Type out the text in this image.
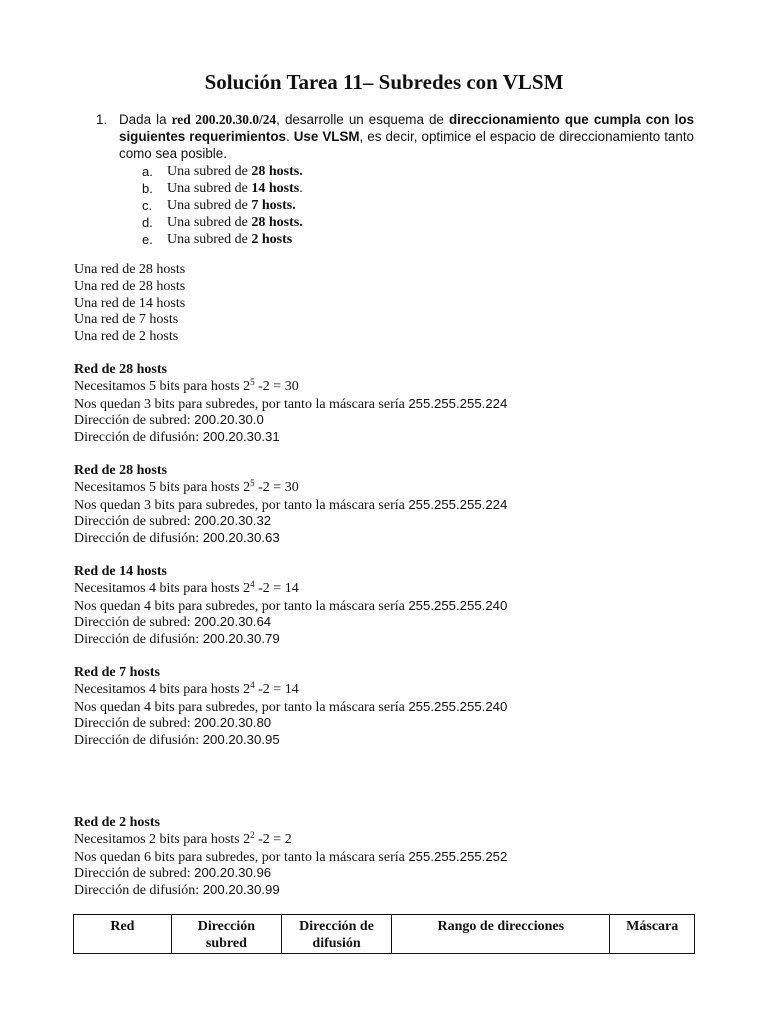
Solución Tarea 11– Subredes con VLSM
1. Dada la red 200.20.30.0/24, desarrolle un esquema de direccionamiento que cumpla con los siguientes requerimientos. Use VLSM, es decir, optimice el espacio de direccionamiento tanto como sea posible.
a. Una subred de 28 hosts.
b. Una subred de 14 hosts.
c. Una subred de 7 hosts.
d. Una subred de 28 hosts.
e. Una subred de 2 hosts
Una red de 28 hosts
Una red de 28 hosts
Una red de 14 hosts
Una red de 7 hosts
Una red de 2 hosts
Red de 28 hosts
Necesitamos 5 bits para hosts $2^5$ -2 = 30
Nos quedan 3 bits para subredes, por tanto la máscara sería 255.255.255.224
Dirección de subred: 200.20.30.0
Dirección de difusión: 200.20.30.31
Red de 28 hosts
Necesitamos 5 bits para hosts $2^5$ -2 = 30
Nos quedan 3 bits para subredes, por tanto la máscara sería 255.255.255.224
Dirección de subred: 200.20.30.32
Dirección de difusión: 200.20.30.63
Red de 14 hosts
Necesitamos 4 bits para hosts $2^4$ -2 = 14
Nos quedan 4 bits para subredes, por tanto la máscara sería 255.255.255.240
Dirección de subred: 200.20.30.64
Dirección de difusión: 200.20.30.79
Red de 7 hosts
Necesitamos 4 bits para hosts $2^4$ -2 = 14
Nos quedan 4 bits para subredes, por tanto la máscara sería 255.255.255.240
Dirección de subred: 200.20.30.80
Dirección de difusión: 200.20.30.95
Red de 2 hosts
Necesitamos 2 bits para hosts $2^2$ -2 = 2
Nos quedan 6 bits para subredes, por tanto la máscara sería 255.255.255.252
Dirección de subred: 200.20.30.96
Dirección de difusión: 200.20.30.99
Red	Dirección subred	Dirección de difusión	Rango de direcciones	Máscara
